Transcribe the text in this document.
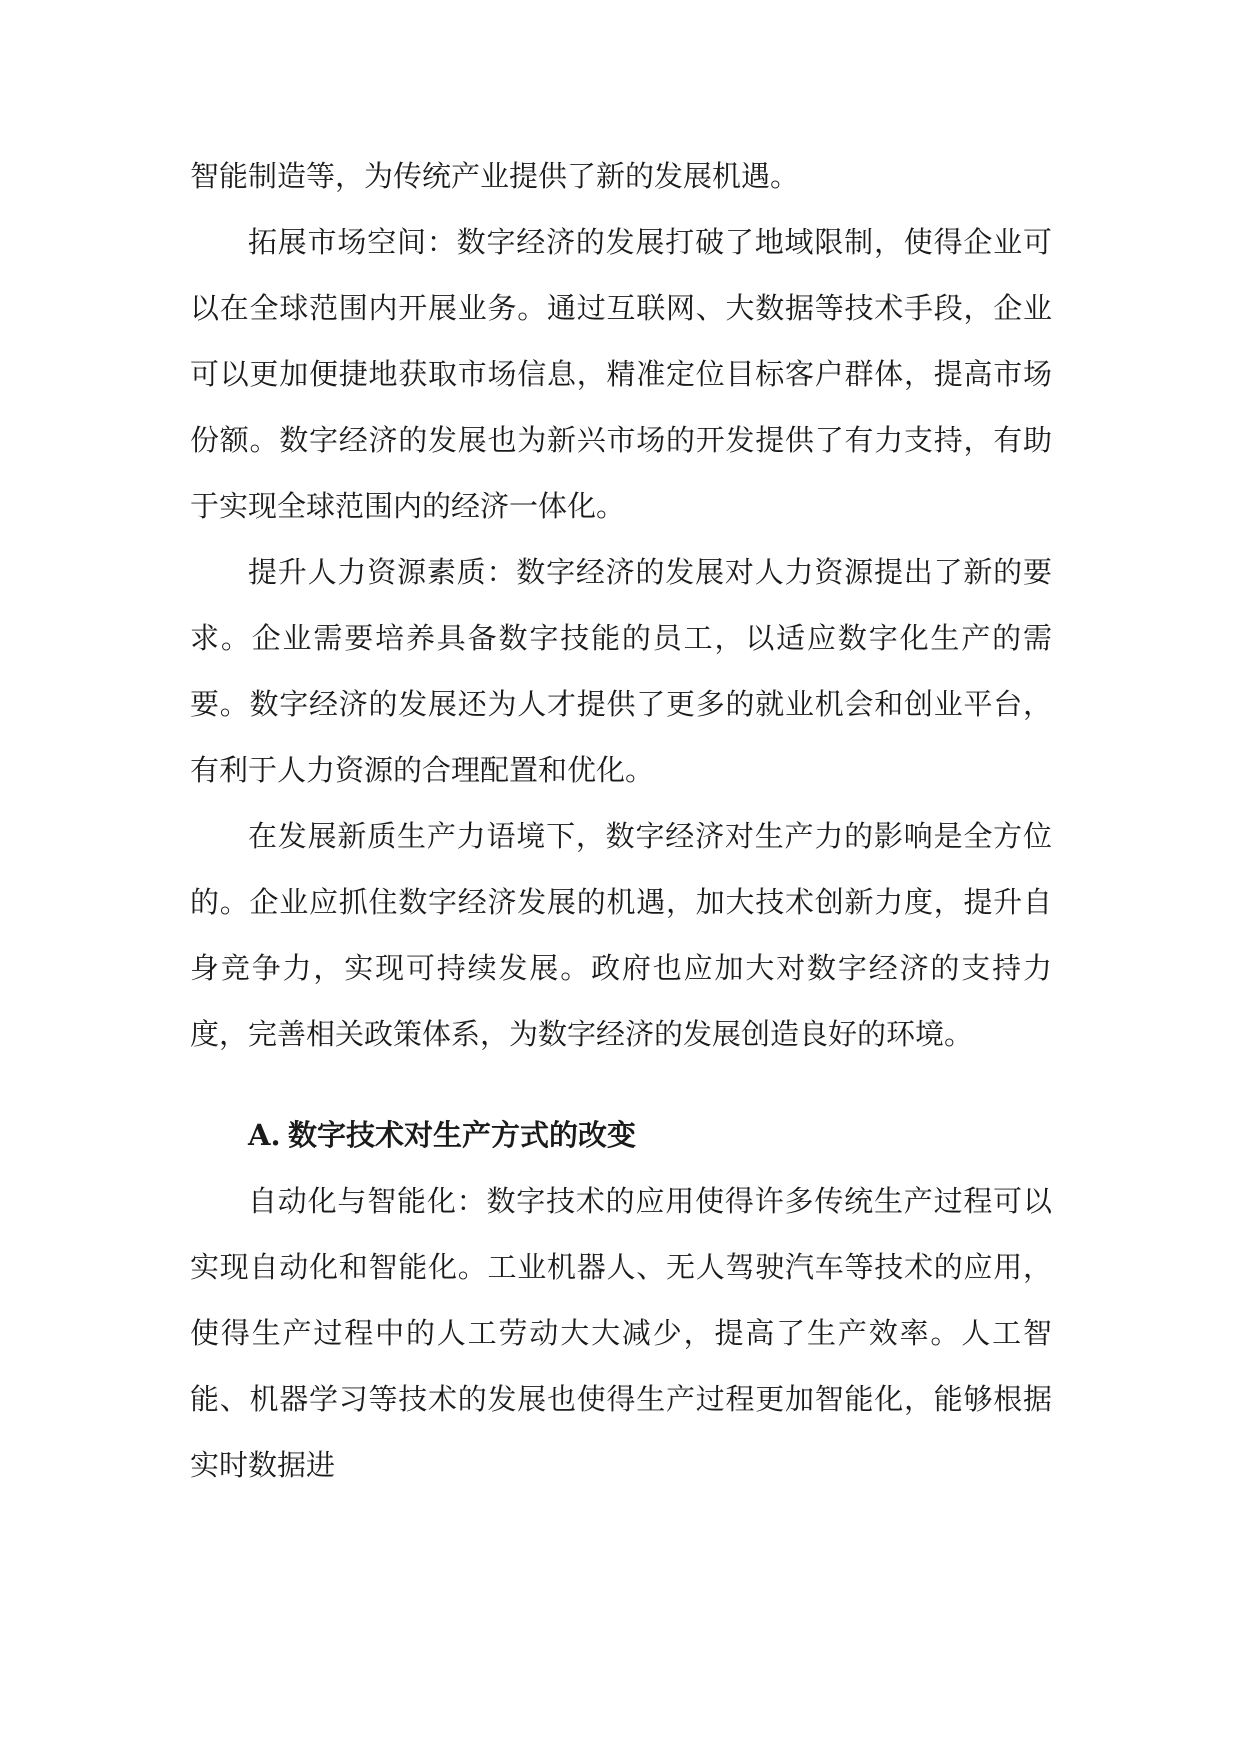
智能制造等，为传统产业提供了新的发展机遇。

拓展市场空间：数字经济的发展打破了地域限制，使得企业可以在全球范围内开展业务。通过互联网、大数据等技术手段，企业可以更加便捷地获取市场信息，精准定位目标客户群体，提高市场份额。数字经济的发展也为新兴市场的开发提供了有力支持，有助于实现全球范围内的经济一体化。

提升人力资源素质：数字经济的发展对人力资源提出了新的要求。企业需要培养具备数字技能的员工，以适应数字化生产的需要。数字经济的发展还为人才提供了更多的就业机会和创业平台，有利于人力资源的合理配置和优化。

在发展新质生产力语境下，数字经济对生产力的影响是全方位的。企业应抓住数字经济发展的机遇，加大技术创新力度，提升自身竞争力，实现可持续发展。政府也应加大对数字经济的支持力度，完善相关政策体系，为数字经济的发展创造良好的环境。

A. 数字技术对生产方式的改变

自动化与智能化：数字技术的应用使得许多传统生产过程可以实现自动化和智能化。工业机器人、无人驾驶汽车等技术的应用，使得生产过程中的人工劳动大大减少，提高了生产效率。人工智能、机器学习等技术的发展也使得生产过程更加智能化，能够根据实时数据进
